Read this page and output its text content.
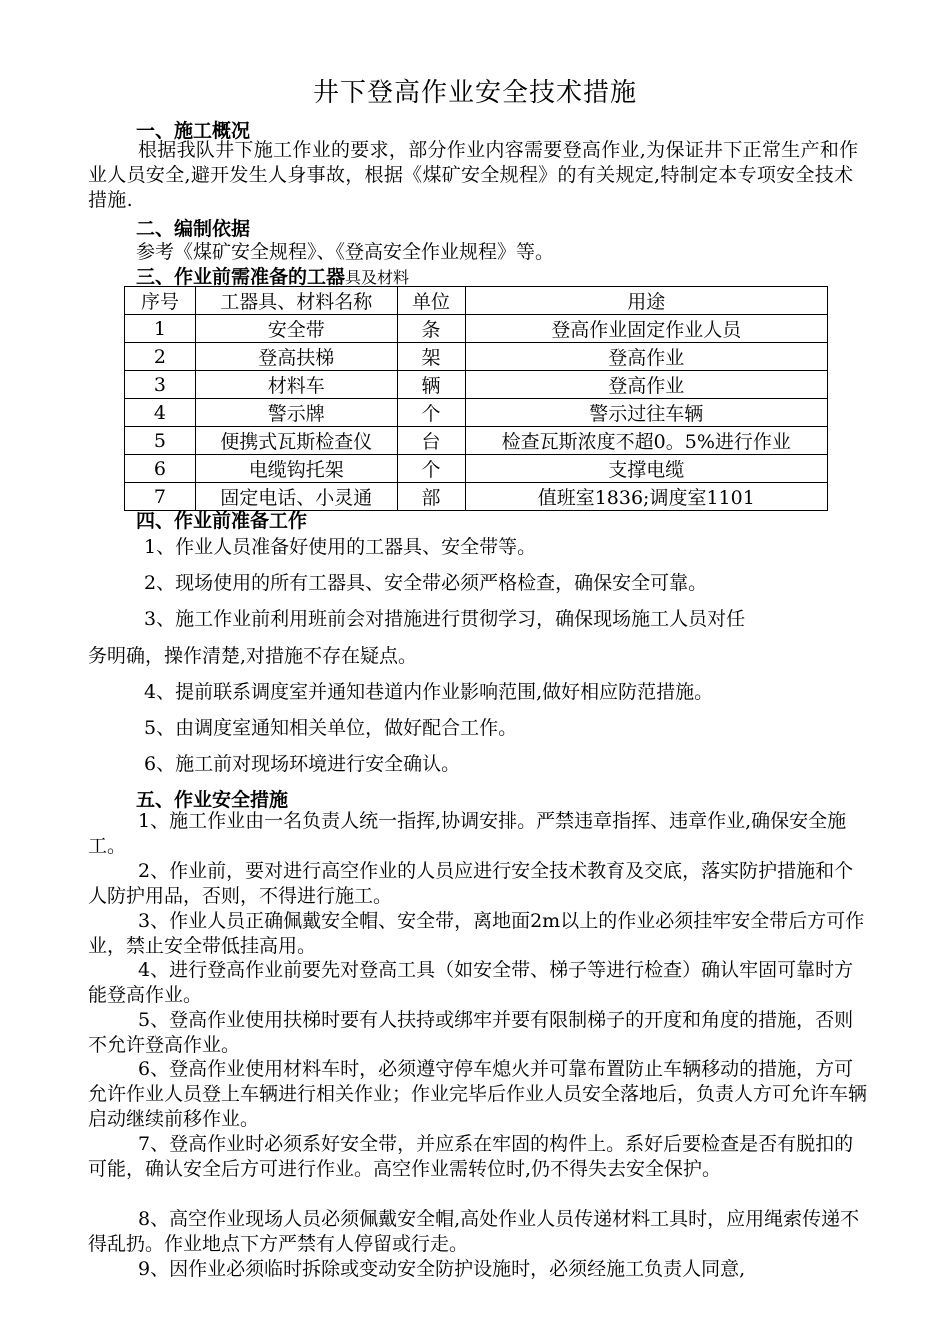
井下登高作业安全技术措施
一、施工概况
根据我队井下施工作业的要求，部分作业内容需要登高作业,为保证井下正常生产和作业人员安全,避开发生人身事故，根据《煤矿安全规程》的有关规定,特制定本专项安全技术措施.
二、编制依据
参考《煤矿安全规程》、《登高安全作业规程》等。
三、作业前需准备的工器具及材料
序号	工器具、材料名称	单位	用途
1	安全带	条	登高作业固定作业人员
2	登高扶梯	架	登高作业
3	材料车	辆	登高作业
4	警示牌	个	警示过往车辆
5	便携式瓦斯检查仪	台	检查瓦斯浓度不超0。5%进行作业
6	电缆钩托架	个	支撑电缆
7	固定电话、小灵通	部	值班室1836;调度室1101
四、作业前准备工作
1、作业人员准备好使用的工器具、安全带等。
2、现场使用的所有工器具、安全带必须严格检查，确保安全可靠。
3、施工作业前利用班前会对措施进行贯彻学习，确保现场施工人员对任
务明确，操作清楚,对措施不存在疑点。
4、提前联系调度室并通知巷道内作业影响范围,做好相应防范措施。
5、由调度室通知相关单位，做好配合工作。
6、施工前对现场环境进行安全确认。
五、作业安全措施
1、施工作业由一名负责人统一指挥,协调安排。严禁违章指挥、违章作业,确保安全施工。
2、作业前，要对进行高空作业的人员应进行安全技术教育及交底，落实防护措施和个人防护用品，否则，不得进行施工。
3、作业人员正确佩戴安全帽、安全带，离地面2m以上的作业必须挂牢安全带后方可作业，禁止安全带低挂高用。
4、进行登高作业前要先对登高工具（如安全带、梯子等进行检查）确认牢固可靠时方能登高作业。
5、登高作业使用扶梯时要有人扶持或绑牢并要有限制梯子的开度和角度的措施，否则不允许登高作业。
6、登高作业使用材料车时，必须遵守停车熄火并可靠布置防止车辆移动的措施，方可允许作业人员登上车辆进行相关作业；作业完毕后作业人员安全落地后，负责人方可允许车辆启动继续前移作业。
7、登高作业时必须系好安全带，并应系在牢固的构件上。系好后要检查是否有脱扣的可能，确认安全后方可进行作业。高空作业需转位时,仍不得失去安全保护。
8、高空作业现场人员必须佩戴安全帽,高处作业人员传递材料工具时，应用绳索传递不得乱扔。作业地点下方严禁有人停留或行走。
9、因作业必须临时拆除或变动安全防护设施时，必须经施工负责人同意,
